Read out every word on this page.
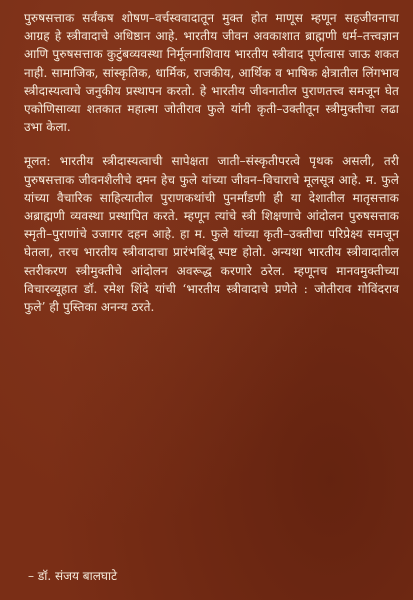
पुरुषसत्ताक सर्वंकष शोषण–वर्चस्ववादातून मुक्त होत माणूस म्हणून सहजीवनाचा आग्रह हे स्त्रीवादाचे अधिष्ठान आहे. भारतीय जीवन अवकाशात ब्राह्मणी धर्म–तत्त्वज्ञान आणि पुरुषसत्ताक कुटुंबव्यवस्था निर्मूलनाशिवाय भारतीय स्त्रीवाद पूर्णत्वास जाऊ शकत नाही. सामाजिक, सांस्कृतिक, धार्मिक, राजकीय, आर्थिक व भाषिक क्षेत्रातील लिंगभाव स्त्रीदास्यत्वाचे जनुकीय प्रस्थापन करतो. हे भारतीय जीवनातील पुराणतत्त्व समजून घेत एकोणिसाव्या शतकात महात्मा जोतीराव फुले यांनी कृती–उक्तीतून स्त्रीमुक्तीचा लढा उभा केला.

मूलत: भारतीय स्त्रीदास्यत्वाची सापेक्षता जाती–संस्कृतीपरत्वे पृथक असली, तरी पुरुषसत्ताक जीवनशैलीचे दमन हेच फुले यांच्या जीवन–विचाराचे मूलसूत्र आहे. म. फुले यांच्या वैचारिक साहित्यातील पुराणकथांची पुनर्मांडणी ही या देशातील मातृसत्ताक अब्राह्मणी व्यवस्था प्रस्थापित करते. म्हणून त्यांचे स्त्री शिक्षणाचे आंदोलन पुरुषसत्ताक स्मृती–पुराणांचे उजागर दहन आहे. हा म. फुले यांच्या कृती–उक्तीचा परिप्रेक्ष्य समजून घेतला, तरच भारतीय स्त्रीवादाचा प्रारंभबिंदू स्पष्ट होतो. अन्यथा भारतीय स्त्रीवादातील स्तरीकरण स्त्रीमुक्तीचे आंदोलन अवरूद्ध करणारे ठरेल. म्हणूनच मानवमुक्तीच्या विचारव्यूहात डॉ. रमेश शिंदे यांची ‘भारतीय स्त्रीवादाचे प्रणेते : जोतीराव गोविंदराव फुले’ ही पुस्तिका अनन्य ठरते.

– डॉ. संजय बालघाटे
